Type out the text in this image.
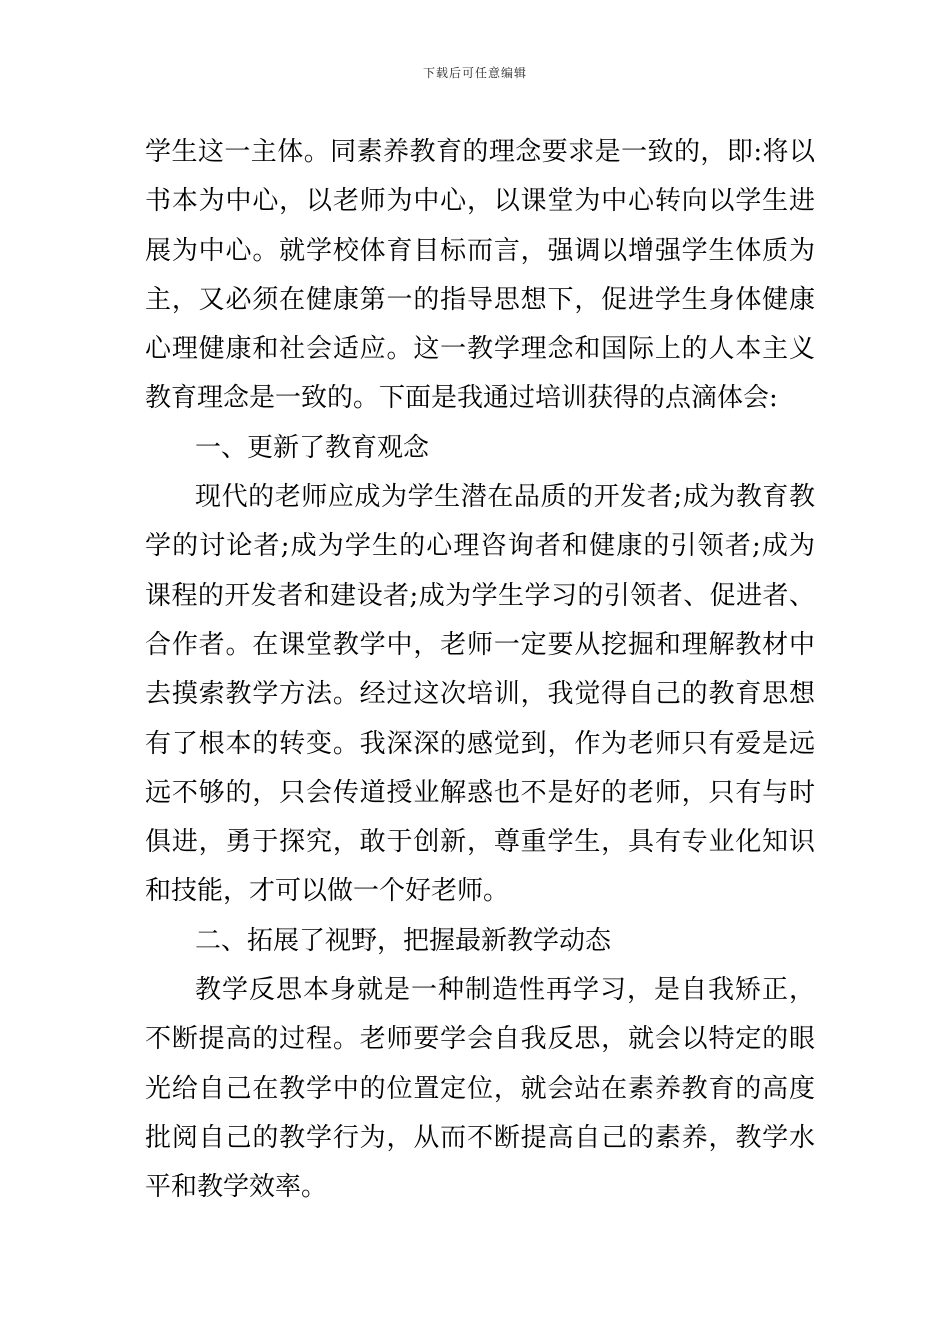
下载后可任意编辑
学生这一主体。同素养教育的理念要求是一致的，即:将以
书本为中心，以老师为中心，以课堂为中心转向以学生进
展为中心。就学校体育目标而言，强调以增强学生体质为
主，又必须在健康第一的指导思想下，促进学生身体健康
心理健康和社会适应。这一教学理念和国际上的人本主义
教育理念是一致的。下面是我通过培训获得的点滴体会:
一、更新了教育观念
现代的老师应成为学生潜在品质的开发者;成为教育教
学的讨论者;成为学生的心理咨询者和健康的引领者;成为
课程的开发者和建设者;成为学生学习的引领者、促进者、
合作者。在课堂教学中，老师一定要从挖掘和理解教材中
去摸索教学方法。经过这次培训，我觉得自己的教育思想
有了根本的转变。我深深的感觉到，作为老师只有爱是远
远不够的，只会传道授业解惑也不是好的老师，只有与时
俱进，勇于探究，敢于创新，尊重学生，具有专业化知识
和技能，才可以做一个好老师。
二、拓展了视野，把握最新教学动态
教学反思本身就是一种制造性再学习，是自我矫正，
不断提高的过程。老师要学会自我反思，就会以特定的眼
光给自己在教学中的位置定位，就会站在素养教育的高度
批阅自己的教学行为，从而不断提高自己的素养，教学水
平和教学效率。
